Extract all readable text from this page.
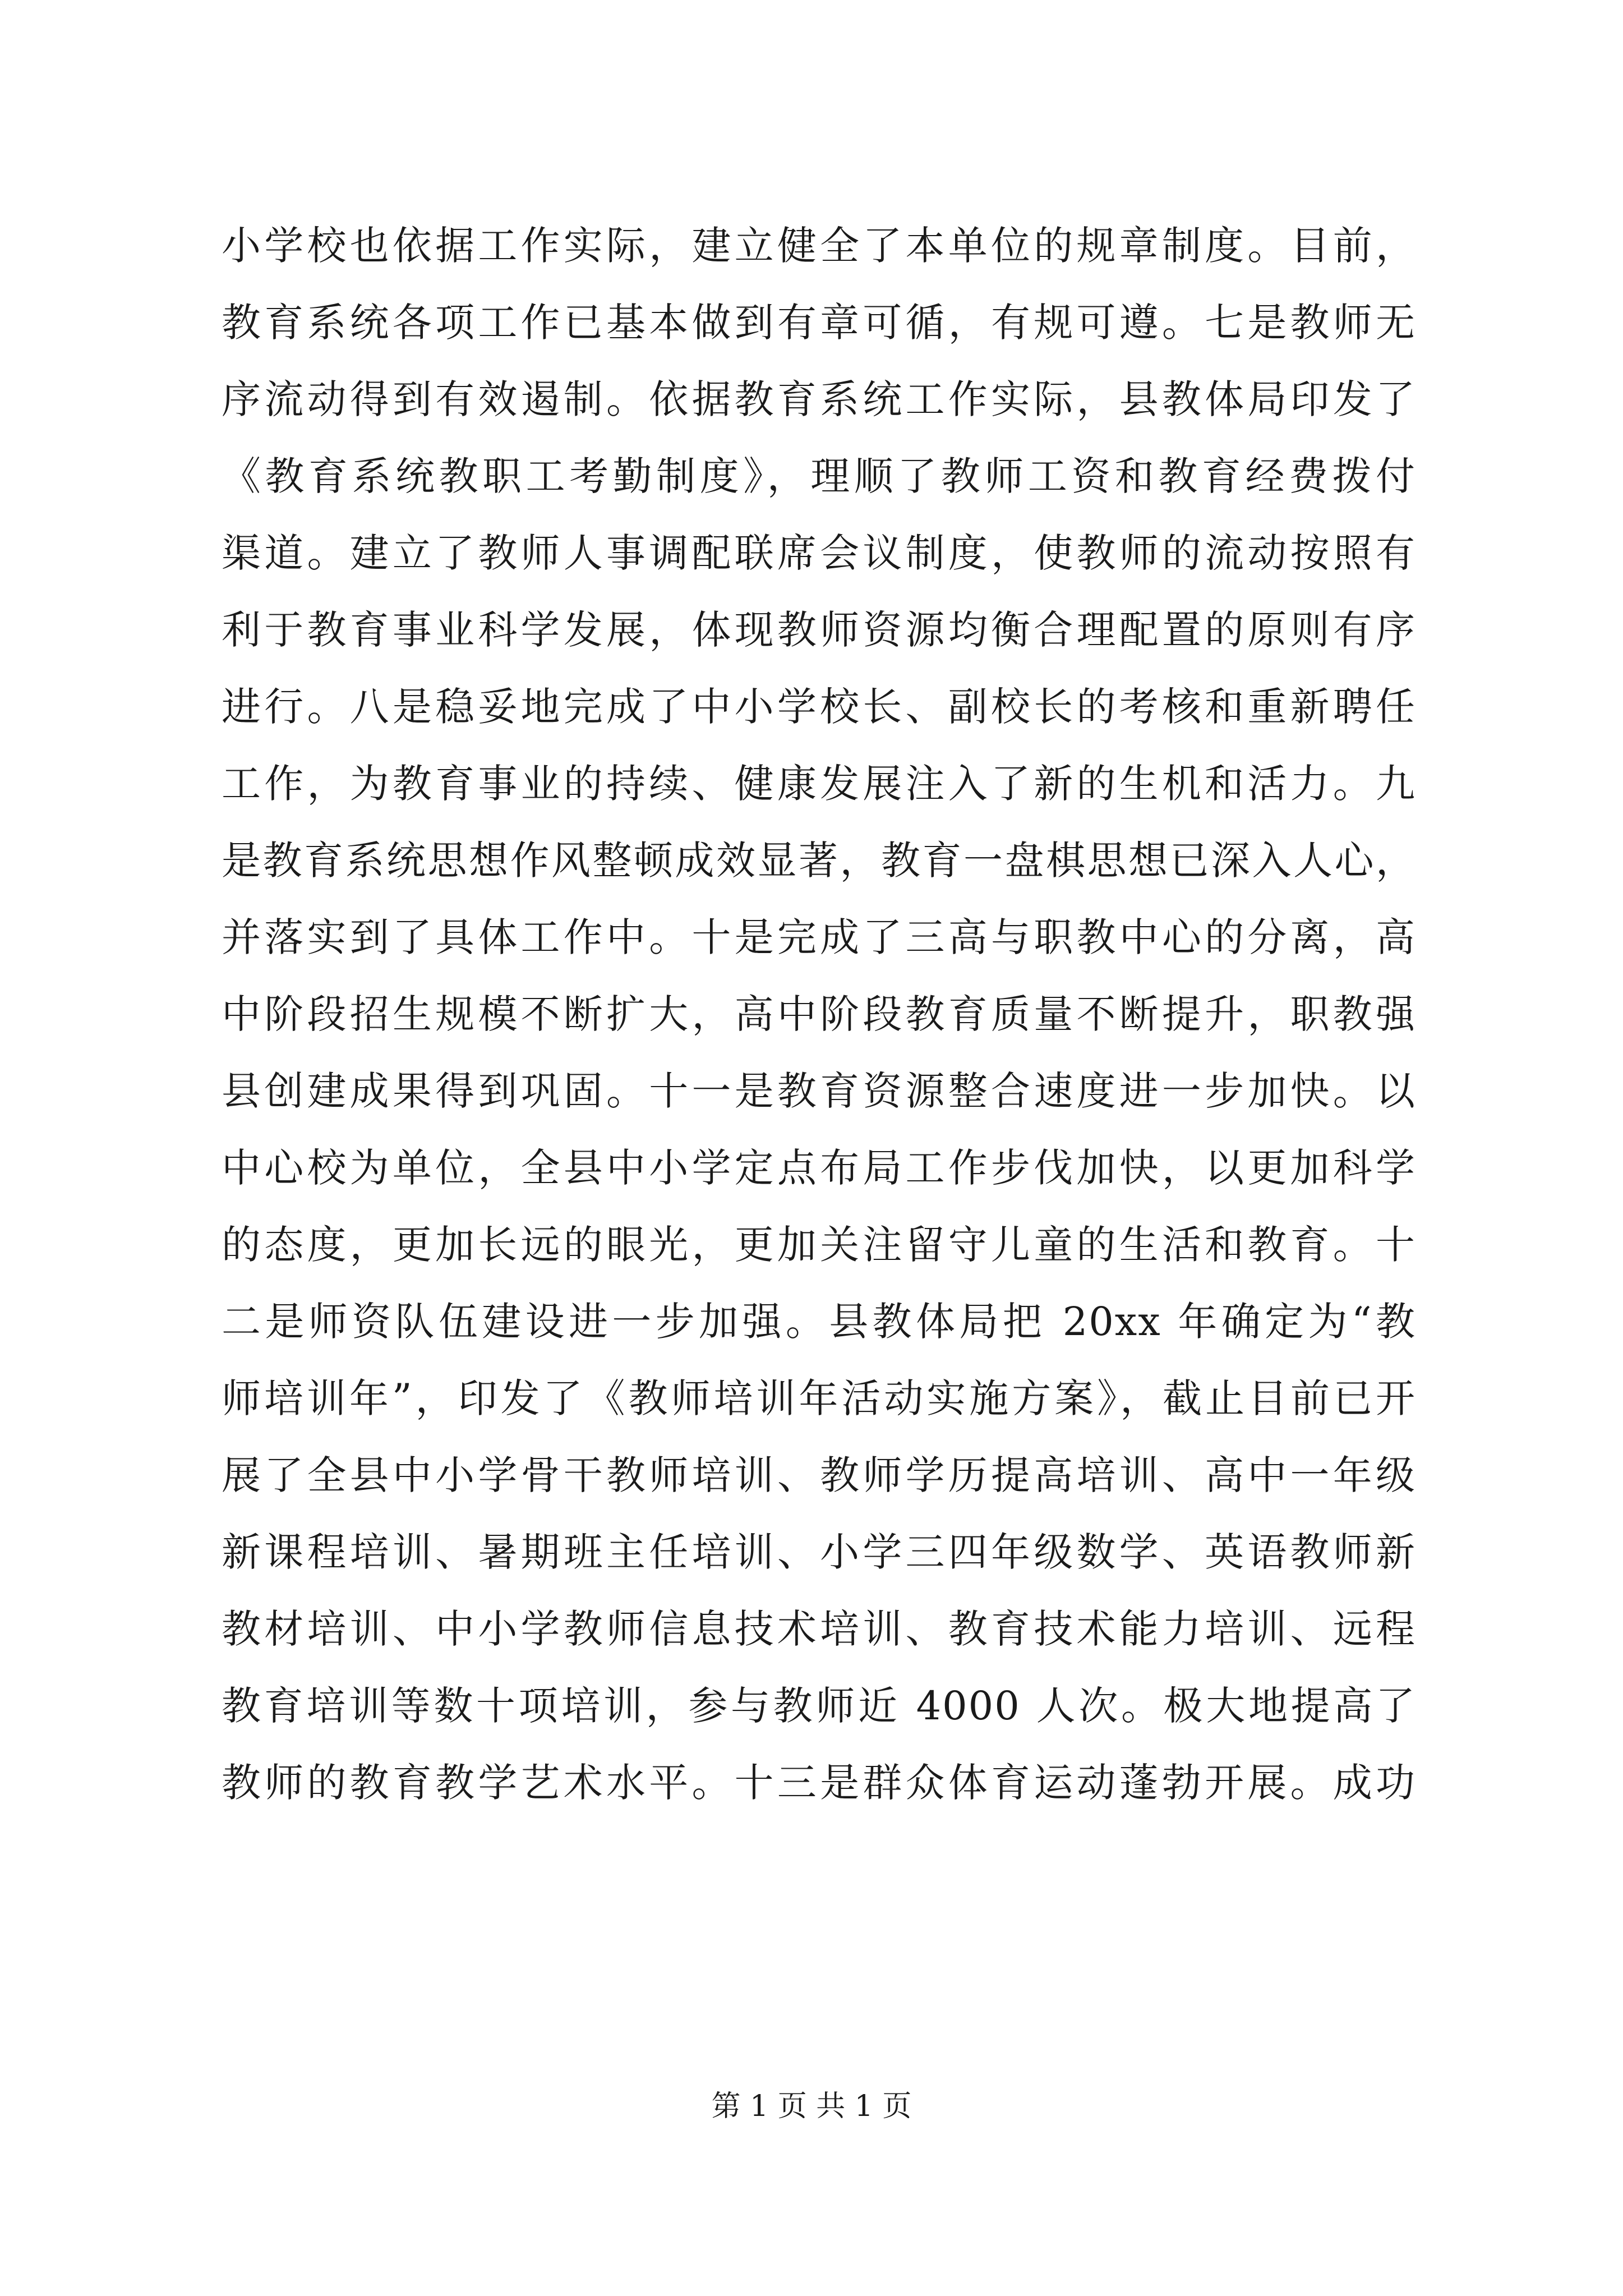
小学校也依据工作实际，建立健全了本单位的规章制度。目前，
教育系统各项工作已基本做到有章可循，有规可遵。七是教师无
序流动得到有效遏制。依据教育系统工作实际，县教体局印发了
《教育系统教职工考勤制度》，理顺了教师工资和教育经费拨付
渠道。建立了教师人事调配联席会议制度，使教师的流动按照有
利于教育事业科学发展，体现教师资源均衡合理配置的原则有序
进行。八是稳妥地完成了中小学校长、副校长的考核和重新聘任
工作，为教育事业的持续、健康发展注入了新的生机和活力。九
是教育系统思想作风整顿成效显著，教育一盘棋思想已深入人心，
并落实到了具体工作中。十是完成了三高与职教中心的分离，高
中阶段招生规模不断扩大，高中阶段教育质量不断提升，职教强
县创建成果得到巩固。十一是教育资源整合速度进一步加快。以
中心校为单位，全县中小学定点布局工作步伐加快，以更加科学
的态度，更加长远的眼光，更加关注留守儿童的生活和教育。十
二是师资队伍建设进一步加强。县教体局把 20xx 年确定为“教
师培训年”，印发了《教师培训年活动实施方案》，截止目前已开
展了全县中小学骨干教师培训、教师学历提高培训、高中一年级
新课程培训、暑期班主任培训、小学三四年级数学、英语教师新
教材培训、中小学教师信息技术培训、教育技术能力培训、远程
教育培训等数十项培训，参与教师近 4000 人次。极大地提高了
教师的教育教学艺术水平。十三是群众体育运动蓬勃开展。成功
第 1 页 共 1 页
